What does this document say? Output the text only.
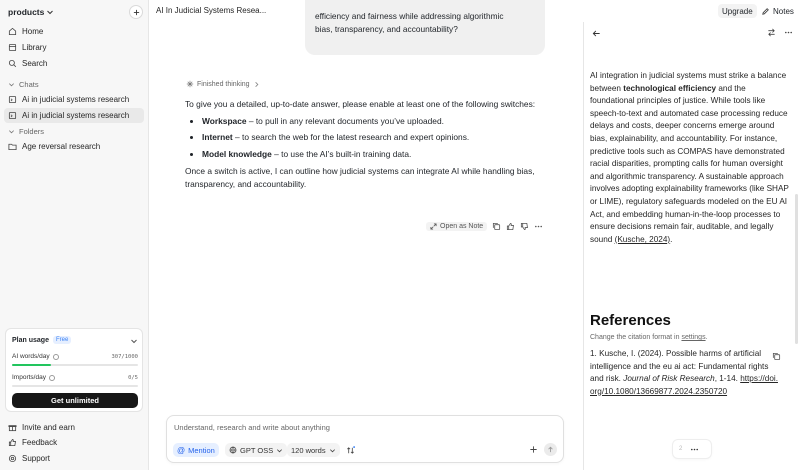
products
Home
Library
Search
Chats
Ai in judicial systems research
Ai in judicial systems research
Folders
Age reversal research
Plan usage	Free
AI words/day	307/1000
Imports/day	0/5
Get unlimited
Invite and earn
Feedback
Support
AI In Judicial Systems Resea...	Upgrade	Notes
efficiency and fairness while addressing algorithmic
bias, transparency, and accountability?
Finished thinking

To give you a detailed, up-to-date answer, please enable at least one of the following switches:

• Workspace – to pull in any relevant documents you’ve uploaded.
• Internet – to search the web for the latest research and expert opinions.
• Model knowledge – to use the AI’s built-in training data.

Once a switch is active, I can outline how judicial systems can integrate AI while handling bias, transparency, and accountability.

Open as Note
Understand, research and write about anything
@ Mention	GPT OSS 120 words
AI integration in judicial systems must strike a balance between technological efficiency and the foundational principles of justice. While tools like speech-to-text and automated case processing reduce delays and costs, deeper concerns emerge around bias, explainability, and accountability. For instance, predictive tools such as COMPAS have demonstrated racial disparities, prompting calls for human oversight and algorithmic transparency. A sustainable approach involves adopting explainability frameworks (like SHAP or LIME), regulatory safeguards modeled on the EU AI Act, and embedding human-in-the-loop processes to ensure decisions remain fair, auditable, and legally sound (Kusche, 2024).
References
Change the citation format in settings.
1. Kusche, I. (2024). Possible harms of artificial intelligence and the eu ai act: Fundamental rights and risk. Journal of Risk Research, 1-14. https://doi.org/10.1080/13669877.2024.2350720
2
